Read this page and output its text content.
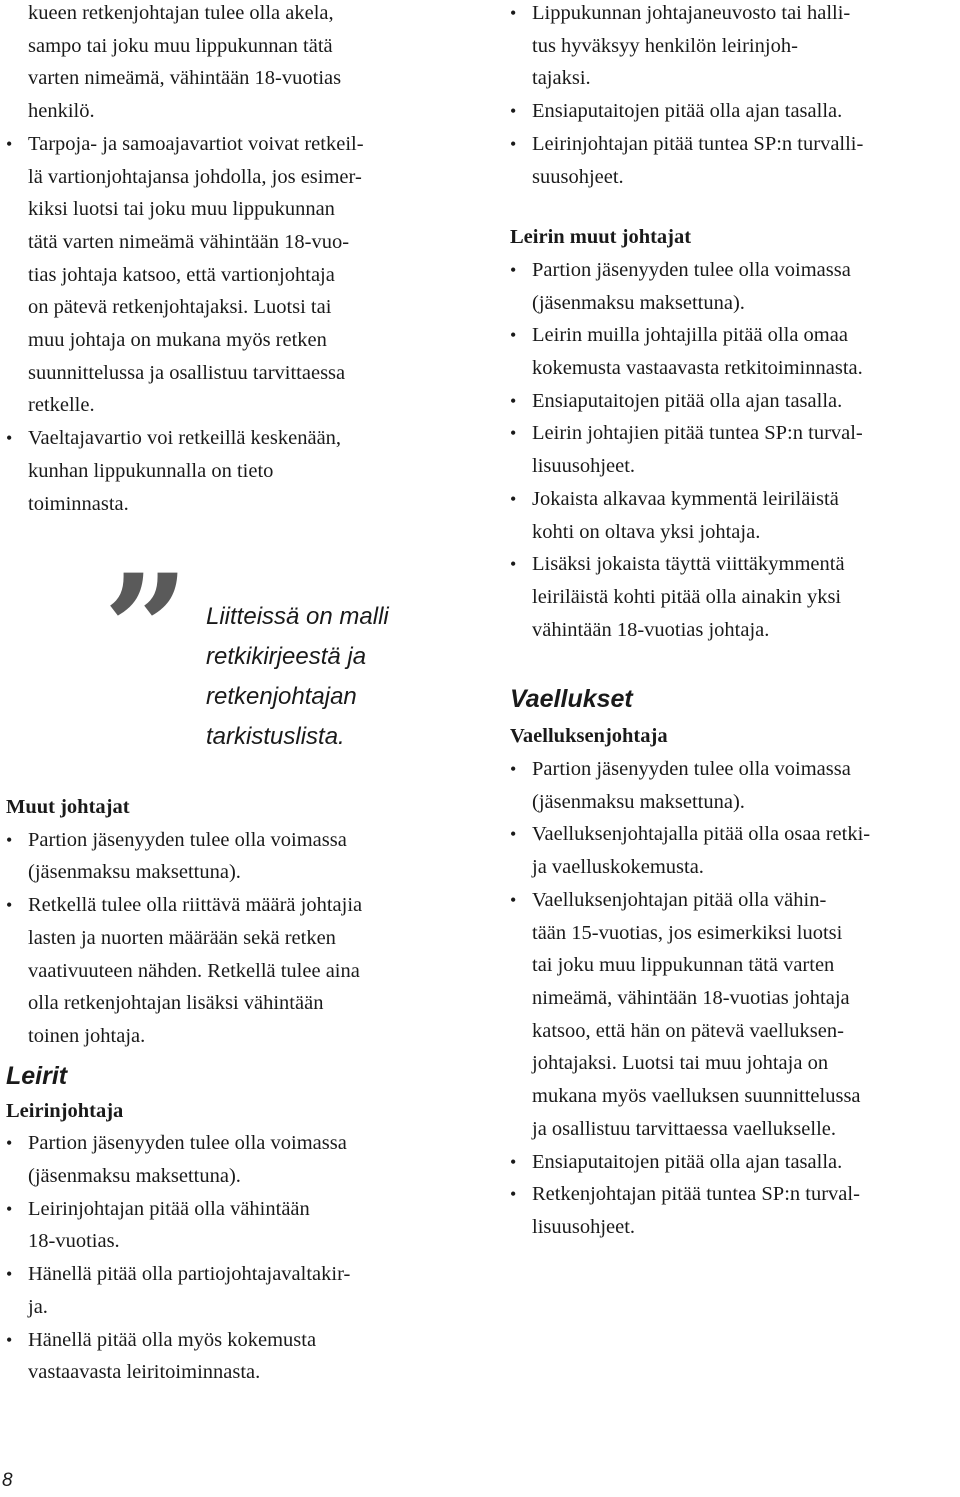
kueen retkenjohtajan tulee olla akela,
sampo tai joku muu lippukunnan tätä
varten nimeämä, vähintään 18-vuotias
henkilö.
• Tarpoja- ja samoajavartiot voivat retkeil-
lä vartionjohtajansa johdolla, jos esimer-
kiksi luotsi tai joku muu lippukunnan
tätä varten nimeämä vähintään 18-vuo-
tias johtaja katsoo, että vartionjohtaja
on pätevä retkenjohtajaksi. Luotsi tai
muu johtaja on mukana myös retken
suunnittelussa ja osallistuu tarvittaessa
retkelle.
• Vaeltajavartio voi retkeillä keskenään,
kunhan lippukunnalla on tieto
toiminnasta.
” Liitteissä on malli
retkikirjeestä ja
retkenjohtajan
tarkistuslista.
Muut johtajat
• Partion jäsenyyden tulee olla voimassa
(jäsenmaksu maksettuna).
• Retkellä tulee olla riittävä määrä johtajia
lasten ja nuorten määrään sekä retken
vaativuuteen nähden. Retkellä tulee aina
olla retkenjohtajan lisäksi vähintään
toinen johtaja.
Leirit
Leirinjohtaja
• Partion jäsenyyden tulee olla voimassa
(jäsenmaksu maksettuna).
• Leirinjohtajan pitää olla vähintään
18-vuotias.
• Hänellä pitää olla partiojohtajavaltakir-
ja.
• Hänellä pitää olla myös kokemusta
vastaavasta leiritoiminnasta.
• Lippukunnan johtajaneuvosto tai halli-
tus hyväksyy henkilön leirinjoh-
tajaksi.
• Ensiaputaitojen pitää olla ajan tasalla.
• Leirinjohtajan pitää tuntea SP:n turvalli-
suusohjeet.
Leirin muut johtajat
• Partion jäsenyyden tulee olla voimassa
(jäsenmaksu maksettuna).
• Leirin muilla johtajilla pitää olla omaa
kokemusta vastaavasta retkitoiminnasta.
• Ensiaputaitojen pitää olla ajan tasalla.
• Leirin johtajien pitää tuntea SP:n turval-
lisuusohjeet.
• Jokaista alkavaa kymmentä leiriläistä
kohti on oltava yksi johtaja.
• Lisäksi jokaista täyttä viittäkymmentä
leiriläistä kohti pitää olla ainakin yksi
vähintään 18-vuotias johtaja.
Vaellukset
Vaelluksenjohtaja
• Partion jäsenyyden tulee olla voimassa
(jäsenmaksu maksettuna).
• Vaelluksenjohtajalla pitää olla osaa retki-
ja vaelluskokemusta.
• Vaelluksenjohtajan pitää olla vähin-
tään 15-vuotias, jos esimerkiksi luotsi
tai joku muu lippukunnan tätä varten
nimeämä, vähintään 18-vuotias johtaja
katsoo, että hän on pätevä vaelluksen-
johtajaksi. Luotsi tai muu johtaja on
mukana myös vaelluksen suunnittelussa
ja osallistuu tarvittaessa vaellukselle.
• Ensiaputaitojen pitää olla ajan tasalla.
• Retkenjohtajan pitää tuntea SP:n turval-
lisuusohjeet.
8
